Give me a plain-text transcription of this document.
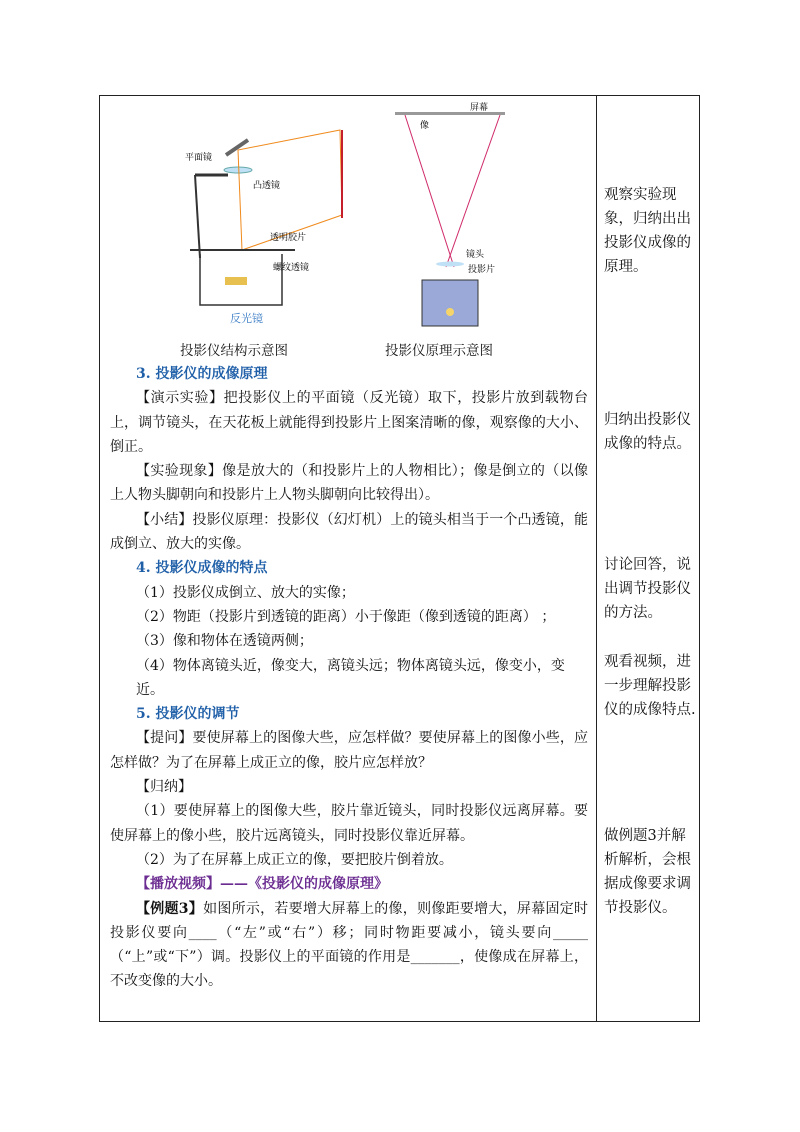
平面镜
凸透镜
透明胶片
螺纹透镜
反光镜
屏幕
像
镜头
投影片
投影仪结构示意图	投影仪原理示意图
3. 投影仪的成像原理
【演示实验】把投影仪上的平面镜（反光镜）取下，投影片放到载物台上，调节镜头，在天花板上就能得到投影片上图案清晰的像，观察像的大小、倒正。
【实验现象】像是放大的（和投影片上的人物相比）；像是倒立的（以像上人物头脚朝向和投影片上人物头脚朝向比较得出）。
【小结】投影仪原理：投影仪（幻灯机）上的镜头相当于一个凸透镜，能成倒立、放大的实像。
4. 投影仪成像的特点
（1）投影仪成倒立、放大的实像；
（2）物距（投影片到透镜的距离）小于像距（像到透镜的距离） ；
（3）像和物体在透镜两侧；
（4）物体离镜头近，像变大，离镜头远；物体离镜头远，像变小，变近。
5. 投影仪的调节
【提问】要使屏幕上的图像大些，应怎样做？要使屏幕上的图像小些，应怎样做？为了在屏幕上成正立的像，胶片应怎样放？
【归纳】
（1）要使屏幕上的图像大些，胶片靠近镜头，同时投影仪远离屏幕。要使屏幕上的像小些，胶片远离镜头，同时投影仪靠近屏幕。
（2）为了在屏幕上成正立的像，要把胶片倒着放。
【播放视频】——《投影仪的成像原理》
【例题3】如图所示，若要增大屏幕上的像，则像距要增大，屏幕固定时投影仪要向____（“左”或“右”）移；同时物距要减小，镜头要向_____（“上”或“下”）调。投影仪上的平面镜的作用是_______，使像成在屏幕上，不改变像的大小。
观察实验现象，归纳出出投影仪成像的原理。
归纳出投影仪成像的特点。
讨论回答，说出调节投影仪的方法。
观看视频，进一步理解投影仪的成像特点.
做例题3并解析解析，会根据成像要求调节投影仪。
